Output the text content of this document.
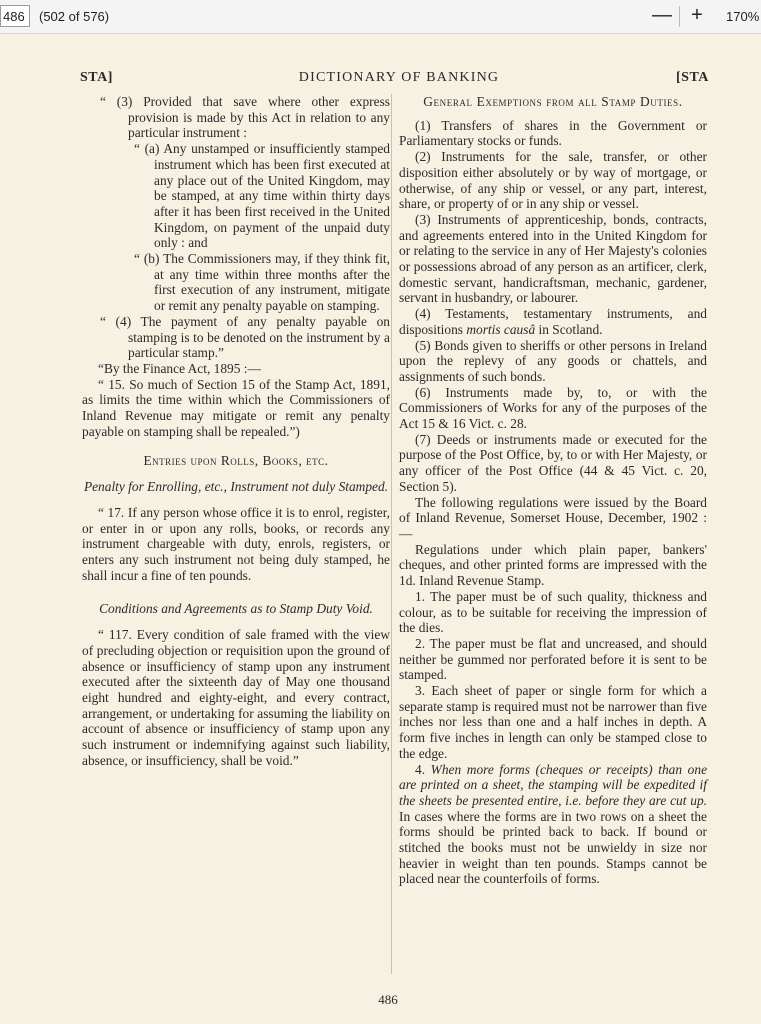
486
(502 of 576)	— +	170%
STA]	DICTIONARY OF BANKING	[STA

“ (3) Provided that save where other express provision is made by this Act in relation to any particular instrument :

“ (a) Any unstamped or insufficiently stamped instrument which has been first executed at any place out of the United Kingdom, may be stamped, at any time within thirty days after it has been first received in the United Kingdom, on payment of the unpaid duty only : and

“ (b) The Commissioners may, if they think fit, at any time within three months after the first execution of any instrument, mitigate or remit any penalty payable on stamping.

“ (4) The payment of any penalty payable on stamping is to be denoted on the instrument by a particular stamp.”

“By the Finance Act, 1895 :—

“ 15. So much of Section 15 of the Stamp Act, 1891, as limits the time within which the Commissioners of Inland Revenue may mitigate or remit any penalty payable on stamping shall be repealed.”)

Entries upon Rolls, Books, etc.

Penalty for Enrolling, etc., Instrument not duly Stamped.

“ 17. If any person whose office it is to enrol, register, or enter in or upon any rolls, books, or records any instrument chargeable with duty, enrols, registers, or enters any such instrument not being duly stamped, he shall incur a fine of ten pounds.

Conditions and Agreements as to Stamp Duty Void.

“ 117. Every condition of sale framed with the view of precluding objection or requisition upon the ground of absence or insufficiency of stamp upon any instrument executed after the sixteenth day of May one thousand eight hundred and eighty-eight, and every contract, arrangement, or undertaking for assuming the liability on account of absence or insufficiency of stamp upon any such instrument or indemnifying against such liability, absence, or insufficiency, shall be void.”

General Exemptions from all Stamp Duties.

(1) Transfers of shares in the Government or Parliamentary stocks or funds.

(2) Instruments for the sale, transfer, or other disposition either absolutely or by way of mortgage, or otherwise, of any ship or vessel, or any part, interest, share, or property of or in any ship or vessel.

(3) Instruments of apprenticeship, bonds, contracts, and agreements entered into in the United Kingdom for or relating to the service in any of Her Majesty's colonies or possessions abroad of any person as an artificer, clerk, domestic servant, handicraftsman, mechanic, gardener, servant in husbandry, or labourer.

(4) Testaments, testamentary instruments, and dispositions mortis causâ in Scotland.

(5) Bonds given to sheriffs or other persons in Ireland upon the replevy of any goods or chattels, and assignments of such bonds.

(6) Instruments made by, to, or with the Commissioners of Works for any of the purposes of the Act 15 & 16 Vict. c. 28.

(7) Deeds or instruments made or executed for the purpose of the Post Office, by, to or with Her Majesty, or any officer of the Post Office (44 & 45 Vict. c. 20, Section 5).

The following regulations were issued by the Board of Inland Revenue, Somerset House, December, 1902 :—

Regulations under which plain paper, bankers' cheques, and other printed forms are impressed with the 1d. Inland Revenue Stamp.

1. The paper must be of such quality, thickness and colour, as to be suitable for receiving the impression of the dies.

2. The paper must be flat and uncreased, and should neither be gummed nor perforated before it is sent to be stamped.

3. Each sheet of paper or single form for which a separate stamp is required must not be narrower than five inches nor less than one and a half inches in depth. A form five inches in length can only be stamped close to the edge.

4. When more forms (cheques or receipts) than one are printed on a sheet, the stamping will be expedited if the sheets be presented entire, i.e. before they are cut up. In cases where the forms are in two rows on a sheet the forms should be printed back to back. If bound or stitched the books must not be unwieldy in size nor heavier in weight than ten pounds. Stamps cannot be placed near the counterfoils of forms.

486
